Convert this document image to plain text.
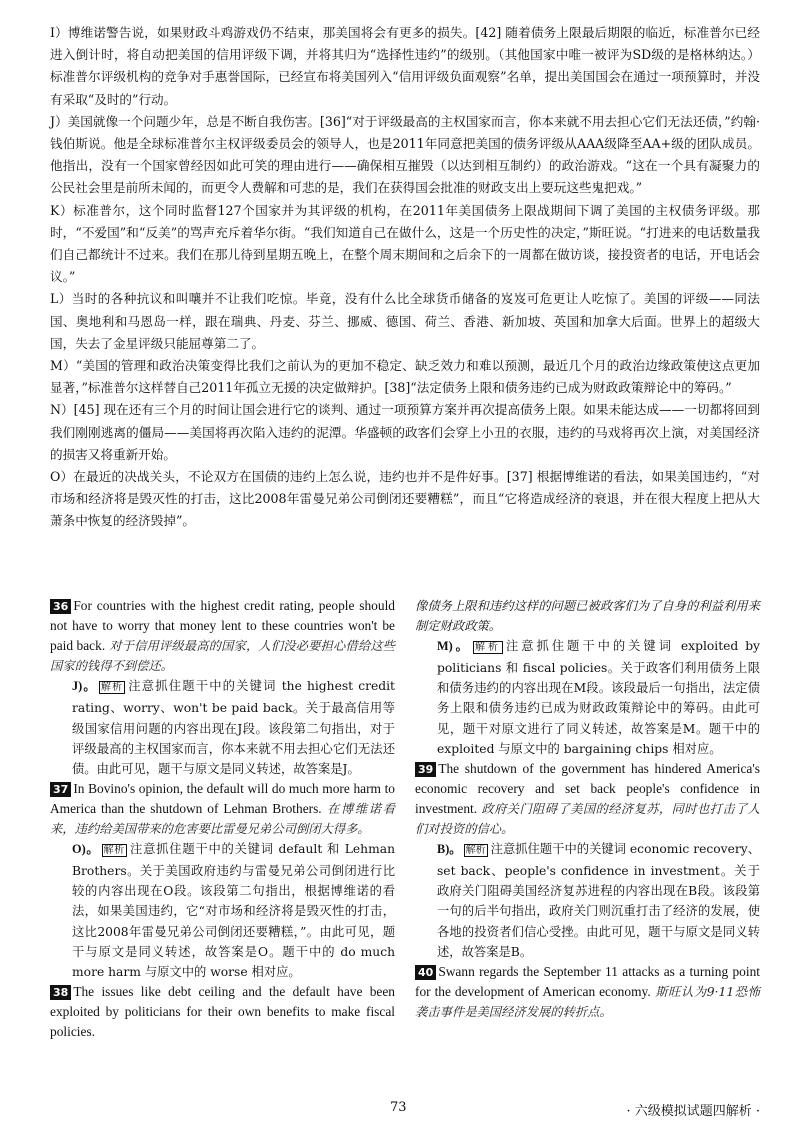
I）博维诺警告说，如果财政斗鸡游戏仍不结束，那美国将会有更多的损失。[42] 随着债务上限最后期限的临近，标准普尔已经进入倒计时，将自动把美国的信用评级下调，并将其归为“选择性违约”的级别。（其他国家中唯一被评为SD级的是格林纳达。）标准普尔评级机构的竞争对手惠誉国际，已经宣布将美国列入“信用评级负面观察”名单，提出美国国会在通过一项预算时，并没有采取“及时的”行动。

J）美国就像一个问题少年，总是不断自我伤害。[36]“对于评级最高的主权国家而言，你本来就不用去担心它们无法还债，”约翰·钱伯斯说。他是全球标准普尔主权评级委员会的领导人，也是2011年同意把美国的债务评级从AAA级降至AA+级的团队成员。他指出，没有一个国家曾经因如此可笑的理由进行——确保相互摧毁（以达到相互制约）的政治游戏。“这在一个具有凝聚力的公民社会里是前所未闻的，而更令人费解和可悲的是，我们在获得国会批准的财政支出上要玩这些鬼把戏。”

K）标准普尔，这个同时监督127个国家并为其评级的机构，在2011年美国债务上限战期间下调了美国的主权债务评级。那时，“不爱国”和“反美”的骂声充斥着华尔街。“我们知道自己在做什么，这是一个历史性的决定，”斯旺说。“打进来的电话数量我们自己都统计不过来。我们在那儿待到星期五晚上，在整个周末期间和之后余下的一周都在做访谈，接投资者的电话，开电话会议。”

L）当时的各种抗议和叫嚷并不让我们吃惊。毕竟，没有什么比全球货币储备的岌岌可危更让人吃惊了。美国的评级——同法国、奥地利和马恩岛一样，跟在瑞典、丹麦、芬兰、挪威、德国、荷兰、香港、新加坡、英国和加拿大后面。世界上的超级大国，失去了金星评级只能屈尊第二了。

M）“美国的管理和政治决策变得比我们之前认为的更加不稳定、缺乏效力和难以预测，最近几个月的政治边缘政策使这点更加显著，”标准普尔这样替自己2011年孤立无援的决定做辩护。[38]“法定债务上限和债务违约已成为财政政策辩论中的筹码。”

N）[45] 现在还有三个月的时间让国会进行它的谈判、通过一项预算方案并再次提高债务上限。如果未能达成——一切都将回到我们刚刚逃离的僵局——美国将再次陷入违约的泥潭。华盛顿的政客们会穿上小丑的衣服，违约的马戏将再次上演，对美国经济的损害又将重新开始。

O）在最近的决战关头，不论双方在国债的违约上怎么说，违约也并不是件好事。[37] 根据博维诺的看法，如果美国违约，“对市场和经济将是毁灭性的打击，这比2008年雷曼兄弟公司倒闭还要糟糕”，而且“它将造成经济的衰退，并在很大程度上把从大萧条中恢复的经济毁掉”。

36 For countries with the highest credit rating, people should not have to worry that money lent to these countries won't be paid back. 对于信用评级最高的国家，人们没必要担心借给这些国家的钱得不到偿还。

J)。 解析 注意抓住题干中的关键词 the highest credit rating、worry、won't be paid back。关于最高信用等级国家信用问题的内容出现在J段。该段第二句指出，对于评级最高的主权国家而言，你本来就不用去担心它们无法还债。由此可见，题干与原文是同义转述，故答案是J。

37 In Bovino's opinion, the default will do much more harm to America than the shutdown of Lehman Brothers. 在博维诺看来，违约给美国带来的危害要比雷曼兄弟公司倒闭大得多。

O)。 解析 注意抓住题干中的关键词 default 和 Lehman Brothers。关于美国政府违约与雷曼兄弟公司倒闭进行比较的内容出现在O段。该段第二句指出，根据博维诺的看法，如果美国违约，它“对市场和经济将是毁灭性的打击，这比2008年雷曼兄弟公司倒闭还要糟糕，”。由此可见，题干与原文是同义转述，故答案是O。题干中的 do much more harm 与原文中的 worse 相对应。

38 The issues like debt ceiling and the default have been exploited by politicians for their own benefits to make fiscal policies.

像债务上限和违约这样的问题已被政客们为了自身的利益利用来制定财政政策。

M)。 解析 注意抓住题干中的关键词 exploited by politicians 和 fiscal policies。关于政客们利用债务上限和债务违约的内容出现在M段。该段最后一句指出，法定债务上限和债务违约已成为财政政策辩论中的筹码。由此可见，题干对原文进行了同义转述，故答案是M。题干中的 exploited 与原文中的 bargaining chips 相对应。

39 The shutdown of the government has hindered America's economic recovery and set back people's confidence in investment. 政府关门阻碍了美国的经济复苏，同时也打击了人们对投资的信心。

B)。 解析 注意抓住题干中的关键词 economic recovery、set back、people's confidence in investment。关于政府关门阻碍美国经济复苏进程的内容出现在B段。该段第一句的后半句指出，政府关门则沉重打击了经济的发展，使各地的投资者们信心受挫。由此可见，题干与原文是同义转述，故答案是B。

40 Swann regards the September 11 attacks as a turning point for the development of American economy. 斯旺认为9·11恐怖袭击事件是美国经济发展的转折点。

73	· 六级模拟试题四解析 ·
